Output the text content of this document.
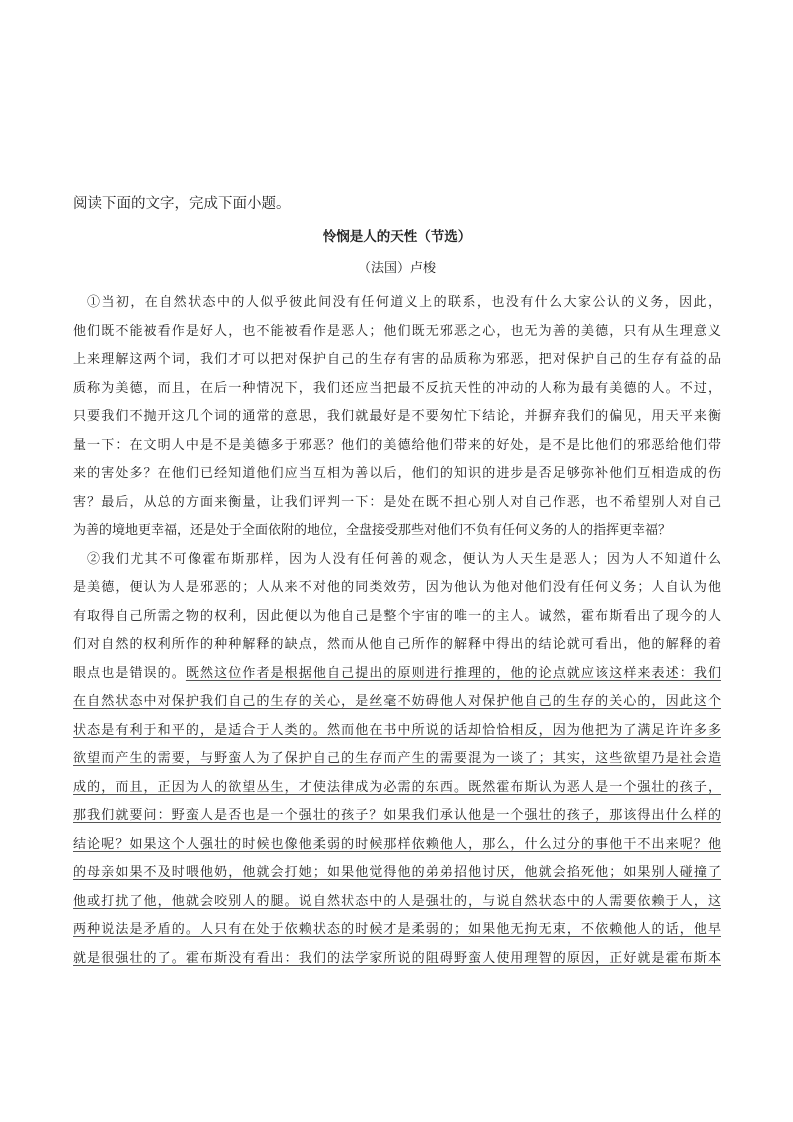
阅读下面的文字，完成下面小题。
怜悯是人的天性（节选）
（法国）卢梭
①当初，在自然状态中的人似乎彼此间没有任何道义上的联系，也没有什么大家公认的义务，因此，
他们既不能被看作是好人，也不能被看作是恶人；他们既无邪恶之心，也无为善的美德，只有从生理意义
上来理解这两个词，我们才可以把对保护自己的生存有害的品质称为邪恶，把对保护自己的生存有益的品
质称为美德，而且，在后一种情况下，我们还应当把最不反抗天性的冲动的人称为最有美德的人。不过，
只要我们不抛开这几个词的通常的意思，我们就最好是不要匆忙下结论，并摒弃我们的偏见，用天平来衡
量一下：在文明人中是不是美德多于邪恶？他们的美德给他们带来的好处，是不是比他们的邪恶给他们带
来的害处多？在他们已经知道他们应当互相为善以后，他们的知识的进步是否足够弥补他们互相造成的伤
害？最后，从总的方面来衡量，让我们评判一下：是处在既不担心别人对自己作恶，也不希望别人对自己
为善的境地更幸福，还是处于全面依附的地位，全盘接受那些对他们不负有任何义务的人的指挥更幸福？
②我们尤其不可像霍布斯那样，因为人没有任何善的观念，便认为人天生是恶人；因为人不知道什么
是美德，便认为人是邪恶的；人从来不对他的同类效劳，因为他认为他对他们没有任何义务；人自认为他
有取得自己所需之物的权利，因此便以为他自己是整个宇宙的唯一的主人。诚然，霍布斯看出了现今的人
们对自然的权利所作的种种解释的缺点，然而从他自己所作的解释中得出的结论就可看出，他的解释的着
眼点也是错误的。既然这位作者是根据他自己提出的原则进行推理的，他的论点就应该这样来表述：我们
在自然状态中对保护我们自己的生存的关心，是丝毫不妨碍他人对保护他自己的生存的关心的，因此这个
状态是有利于和平的，是适合于人类的。然而他在书中所说的话却恰恰相反，因为他把为了满足许许多多
欲望而产生的需要，与野蛮人为了保护自己的生存而产生的需要混为一谈了；其实，这些欲望乃是社会造
成的，而且，正因为人的欲望丛生，才使法律成为必需的东西。既然霍布斯认为恶人是一个强壮的孩子，
那我们就要问：野蛮人是否也是一个强壮的孩子？如果我们承认他是一个强壮的孩子，那该得出什么样的
结论呢？如果这个人强壮的时候也像他柔弱的时候那样依赖他人，那么，什么过分的事他干不出来呢？他
的母亲如果不及时喂他奶，他就会打她；如果他觉得他的弟弟招他讨厌，他就会掐死他；如果别人碰撞了
他或打扰了他，他就会咬别人的腿。说自然状态中的人是强壮的，与说自然状态中的人需要依赖于人，这
两种说法是矛盾的。人只有在处于依赖状态的时候才是柔弱的；如果他无拘无束，不依赖他人的话，他早
就是很强壮的了。霍布斯没有看出：我们的法学家所说的阻碍野蛮人使用理智的原因，正好就是霍布斯本
